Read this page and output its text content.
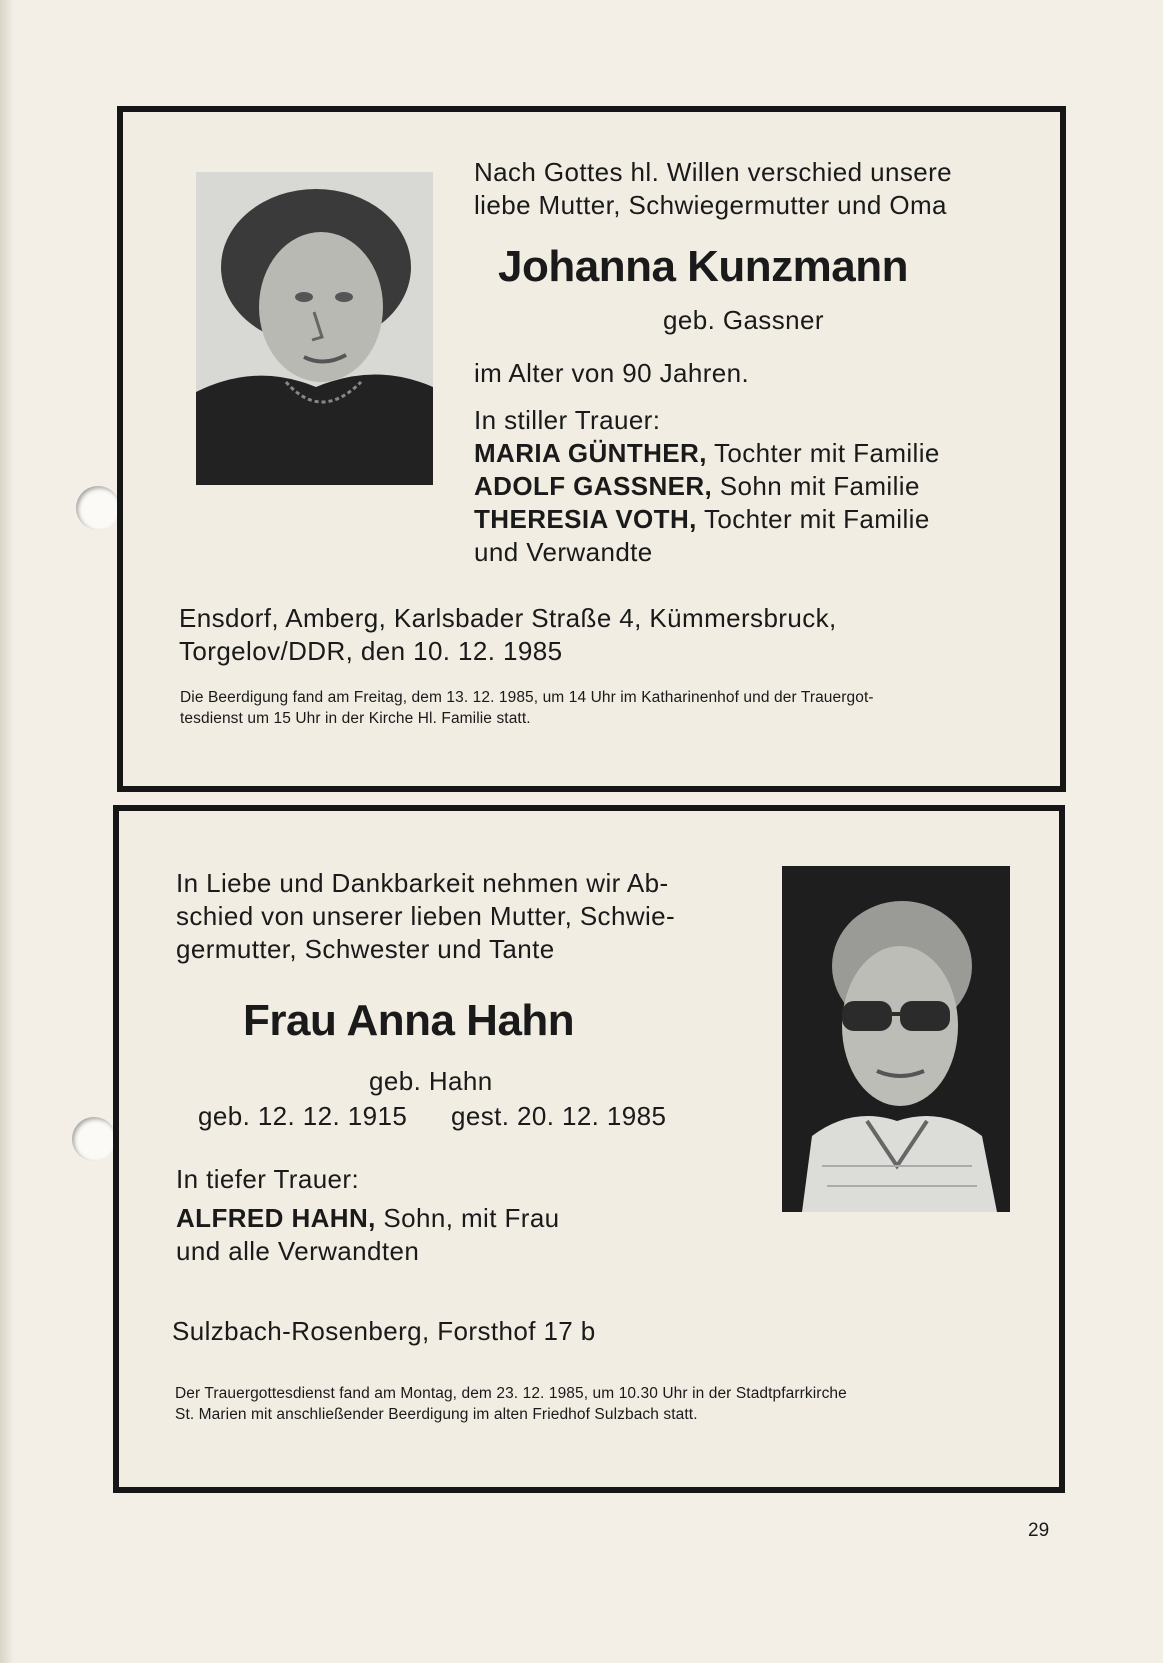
Nach Gottes hl. Willen verschied unsere
liebe Mutter, Schwiegermutter und Oma
Johanna Kunzmann
geb. Gassner
im Alter von 90 Jahren.
In stiller Trauer:
MARIA GÜNTHER, Tochter mit Familie
ADOLF GASSNER, Sohn mit Familie
THERESIA VOTH, Tochter mit Familie
und Verwandte
Ensdorf, Amberg, Karlsbader Straße 4, Kümmersbruck,
Torgelov/DDR, den 10. 12. 1985
Die Beerdigung fand am Freitag, dem 13. 12. 1985, um 14 Uhr im Katharinenhof und der Trauergot-
tesdienst um 15 Uhr in der Kirche Hl. Familie statt.
In Liebe und Dankbarkeit nehmen wir Ab-
schied von unserer lieben Mutter, Schwie-
germutter, Schwester und Tante
Frau Anna Hahn
geb. Hahn
geb. 12. 12. 1915 gest. 20. 12. 1985
In tiefer Trauer:
ALFRED HAHN, Sohn, mit Frau
und alle Verwandten
Sulzbach-Rosenberg, Forsthof 17 b
Der Trauergottesdienst fand am Montag, dem 23. 12. 1985, um 10.30 Uhr in der Stadtpfarrkirche
St. Marien mit anschließender Beerdigung im alten Friedhof Sulzbach statt.
29
